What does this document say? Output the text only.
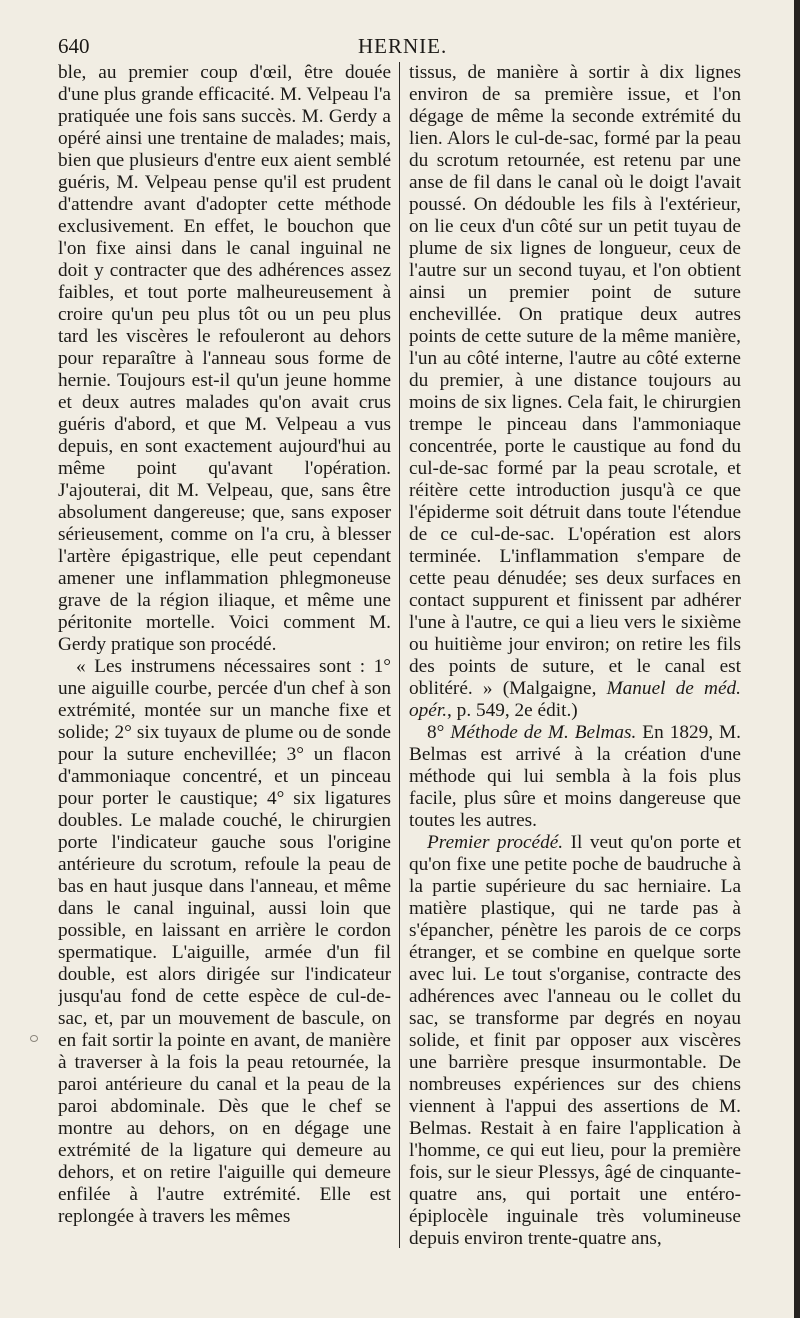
640	HERNIE.

ble, au premier coup d'œil, être douée d'une plus grande efficacité. M. Velpeau l'a pratiquée une fois sans succès. M. Gerdy a opéré ainsi une trentaine de malades; mais, bien que plusieurs d'entre eux aient semblé guéris, M. Velpeau pense qu'il est prudent d'attendre avant d'adopter cette méthode exclusivement. En effet, le bouchon que l'on fixe ainsi dans le canal inguinal ne doit y contracter que des adhérences assez faibles, et tout porte malheureusement à croire qu'un peu plus tôt ou un peu plus tard les viscères le refouleront au dehors pour reparaître à l'anneau sous forme de hernie. Toujours est-il qu'un jeune homme et deux autres malades qu'on avait crus guéris d'abord, et que M. Velpeau a vus depuis, en sont exactement aujourd'hui au même point qu'avant l'opération. J'ajouterai, dit M. Velpeau, que, sans être absolument dangereuse; que, sans exposer sérieusement, comme on l'a cru, à blesser l'artère épigastrique, elle peut cependant amener une inflammation phlegmoneuse grave de la région iliaque, et même une péritonite mortelle. Voici comment M. Gerdy pratique son procédé.

« Les instrumens nécessaires sont : 1° une aiguille courbe, percée d'un chef à son extrémité, montée sur un manche fixe et solide; 2° six tuyaux de plume ou de sonde pour la suture enchevillée; 3° un flacon d'ammoniaque concentré, et un pinceau pour porter le caustique; 4° six ligatures doubles. Le malade couché, le chirurgien porte l'indicateur gauche sous l'origine antérieure du scrotum, refoule la peau de bas en haut jusque dans l'anneau, et même dans le canal inguinal, aussi loin que possible, en laissant en arrière le cordon spermatique. L'aiguille, armée d'un fil double, est alors dirigée sur l'indicateur jusqu'au fond de cette espèce de cul-de-sac, et, par un mouvement de bascule, on en fait sortir la pointe en avant, de manière à traverser à la fois la peau retournée, la paroi antérieure du canal et la peau de la paroi abdominale. Dès que le chef se montre au dehors, on en dégage une extrémité de la ligature qui demeure au dehors, et on retire l'aiguille qui demeure enfilée à l'autre extrémité. Elle est replongée à travers les mêmes

tissus, de manière à sortir à dix lignes environ de sa première issue, et l'on dégage de même la seconde extrémité du lien. Alors le cul-de-sac, formé par la peau du scrotum retournée, est retenu par une anse de fil dans le canal où le doigt l'avait poussé. On dédouble les fils à l'extérieur, on lie ceux d'un côté sur un petit tuyau de plume de six lignes de longueur, ceux de l'autre sur un second tuyau, et l'on obtient ainsi un premier point de suture enchevillée. On pratique deux autres points de cette suture de la même manière, l'un au côté interne, l'autre au côté externe du premier, à une distance toujours au moins de six lignes. Cela fait, le chirurgien trempe le pinceau dans l'ammoniaque concentrée, porte le caustique au fond du cul-de-sac formé par la peau scrotale, et réitère cette introduction jusqu'à ce que l'épiderme soit détruit dans toute l'étendue de ce cul-de-sac. L'opération est alors terminée. L'inflammation s'empare de cette peau dénudée; ses deux surfaces en contact suppurent et finissent par adhérer l'une à l'autre, ce qui a lieu vers le sixième ou huitième jour environ; on retire les fils des points de suture, et le canal est oblitéré. » (Malgaigne, Manuel de méd. opér., p. 549, 2e édit.)

8° Méthode de M. Belmas. En 1829, M. Belmas est arrivé à la création d'une méthode qui lui sembla à la fois plus facile, plus sûre et moins dangereuse que toutes les autres.

Premier procédé. Il veut qu'on porte et qu'on fixe une petite poche de baudruche à la partie supérieure du sac herniaire. La matière plastique, qui ne tarde pas à s'épancher, pénètre les parois de ce corps étranger, et se combine en quelque sorte avec lui. Le tout s'organise, contracte des adhérences avec l'anneau ou le collet du sac, se transforme par degrés en noyau solide, et finit par opposer aux viscères une barrière presque insurmontable. De nombreuses expériences sur des chiens viennent à l'appui des assertions de M. Belmas. Restait à en faire l'application à l'homme, ce qui eut lieu, pour la première fois, sur le sieur Plessys, âgé de cinquante-quatre ans, qui portait une entéro-épiplocèle inguinale très volumineuse depuis environ trente-quatre ans,
